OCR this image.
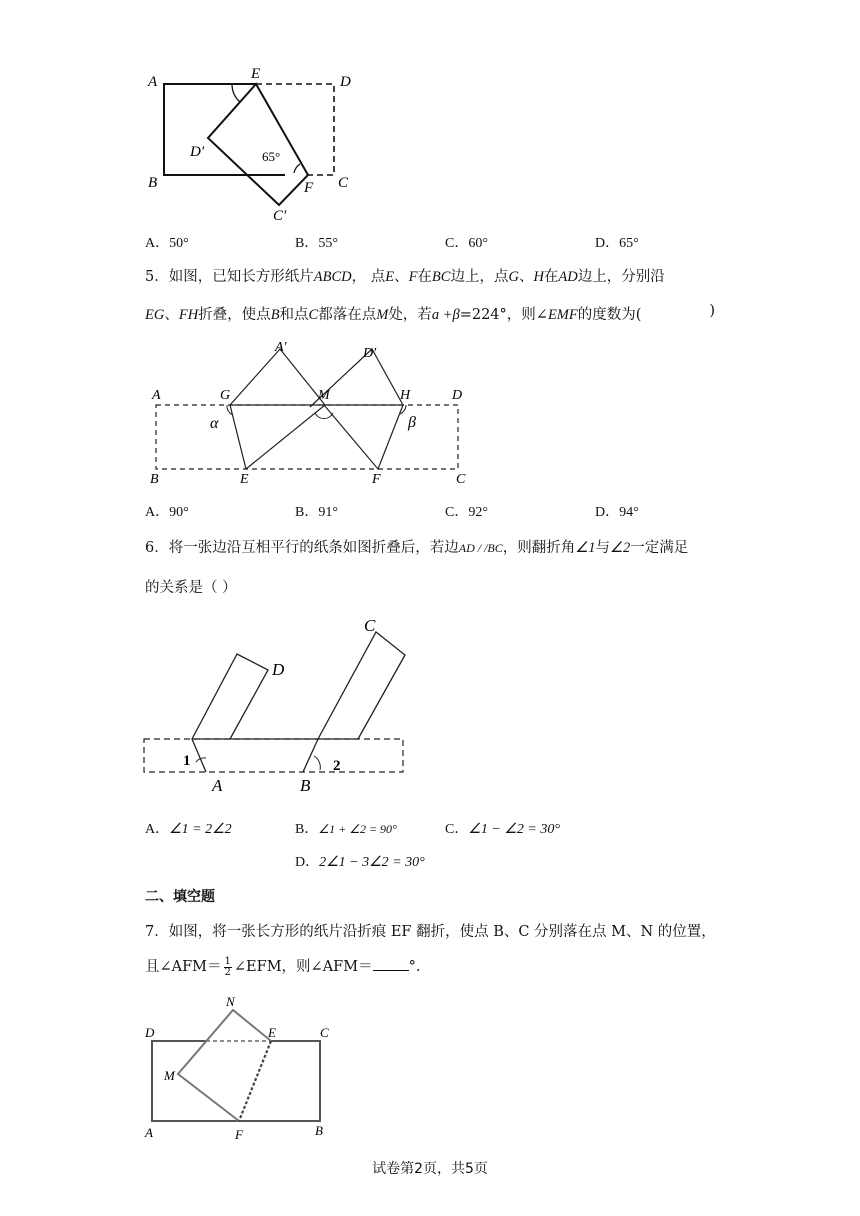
A	E	D
B	C
D′
F
C′
65°
A．50°	B．55°	C．60°	D．65°
5．如图，已知长方形纸片ABCD， 点E、F在BC边上，点G、H在AD边上，分别沿
EG、FH折叠，使点B和点C都落在点M处，若a +β=224°，则∠EMF的度数为(	)
A	G
A′
M
D′
H	D
α	β
B	E	F	C
A．90°	B．91°	C．92°	D．94°
6．将一张边沿互相平行的纸条如图折叠后，若边AD / /BC，则翻折角∠1与∠2一定满足
的关系是（ ）
D
C
1	2
A	B
A．∠1 = 2∠2	B．∠1 + ∠2 = 90°	C．∠1 − ∠2 = 30°
D．2∠1 − 3∠2 = 30°
二、填空题
7．如图，将一张长方形的纸片沿折痕 EF 翻折，使点 B、C 分别落在点 M、N 的位置，
且∠AFM＝ $\frac{1}{2}$ ∠EFM，则∠AFM＝ °.
N
D	E	C
M
A	F	B
试卷第2页，共5页
